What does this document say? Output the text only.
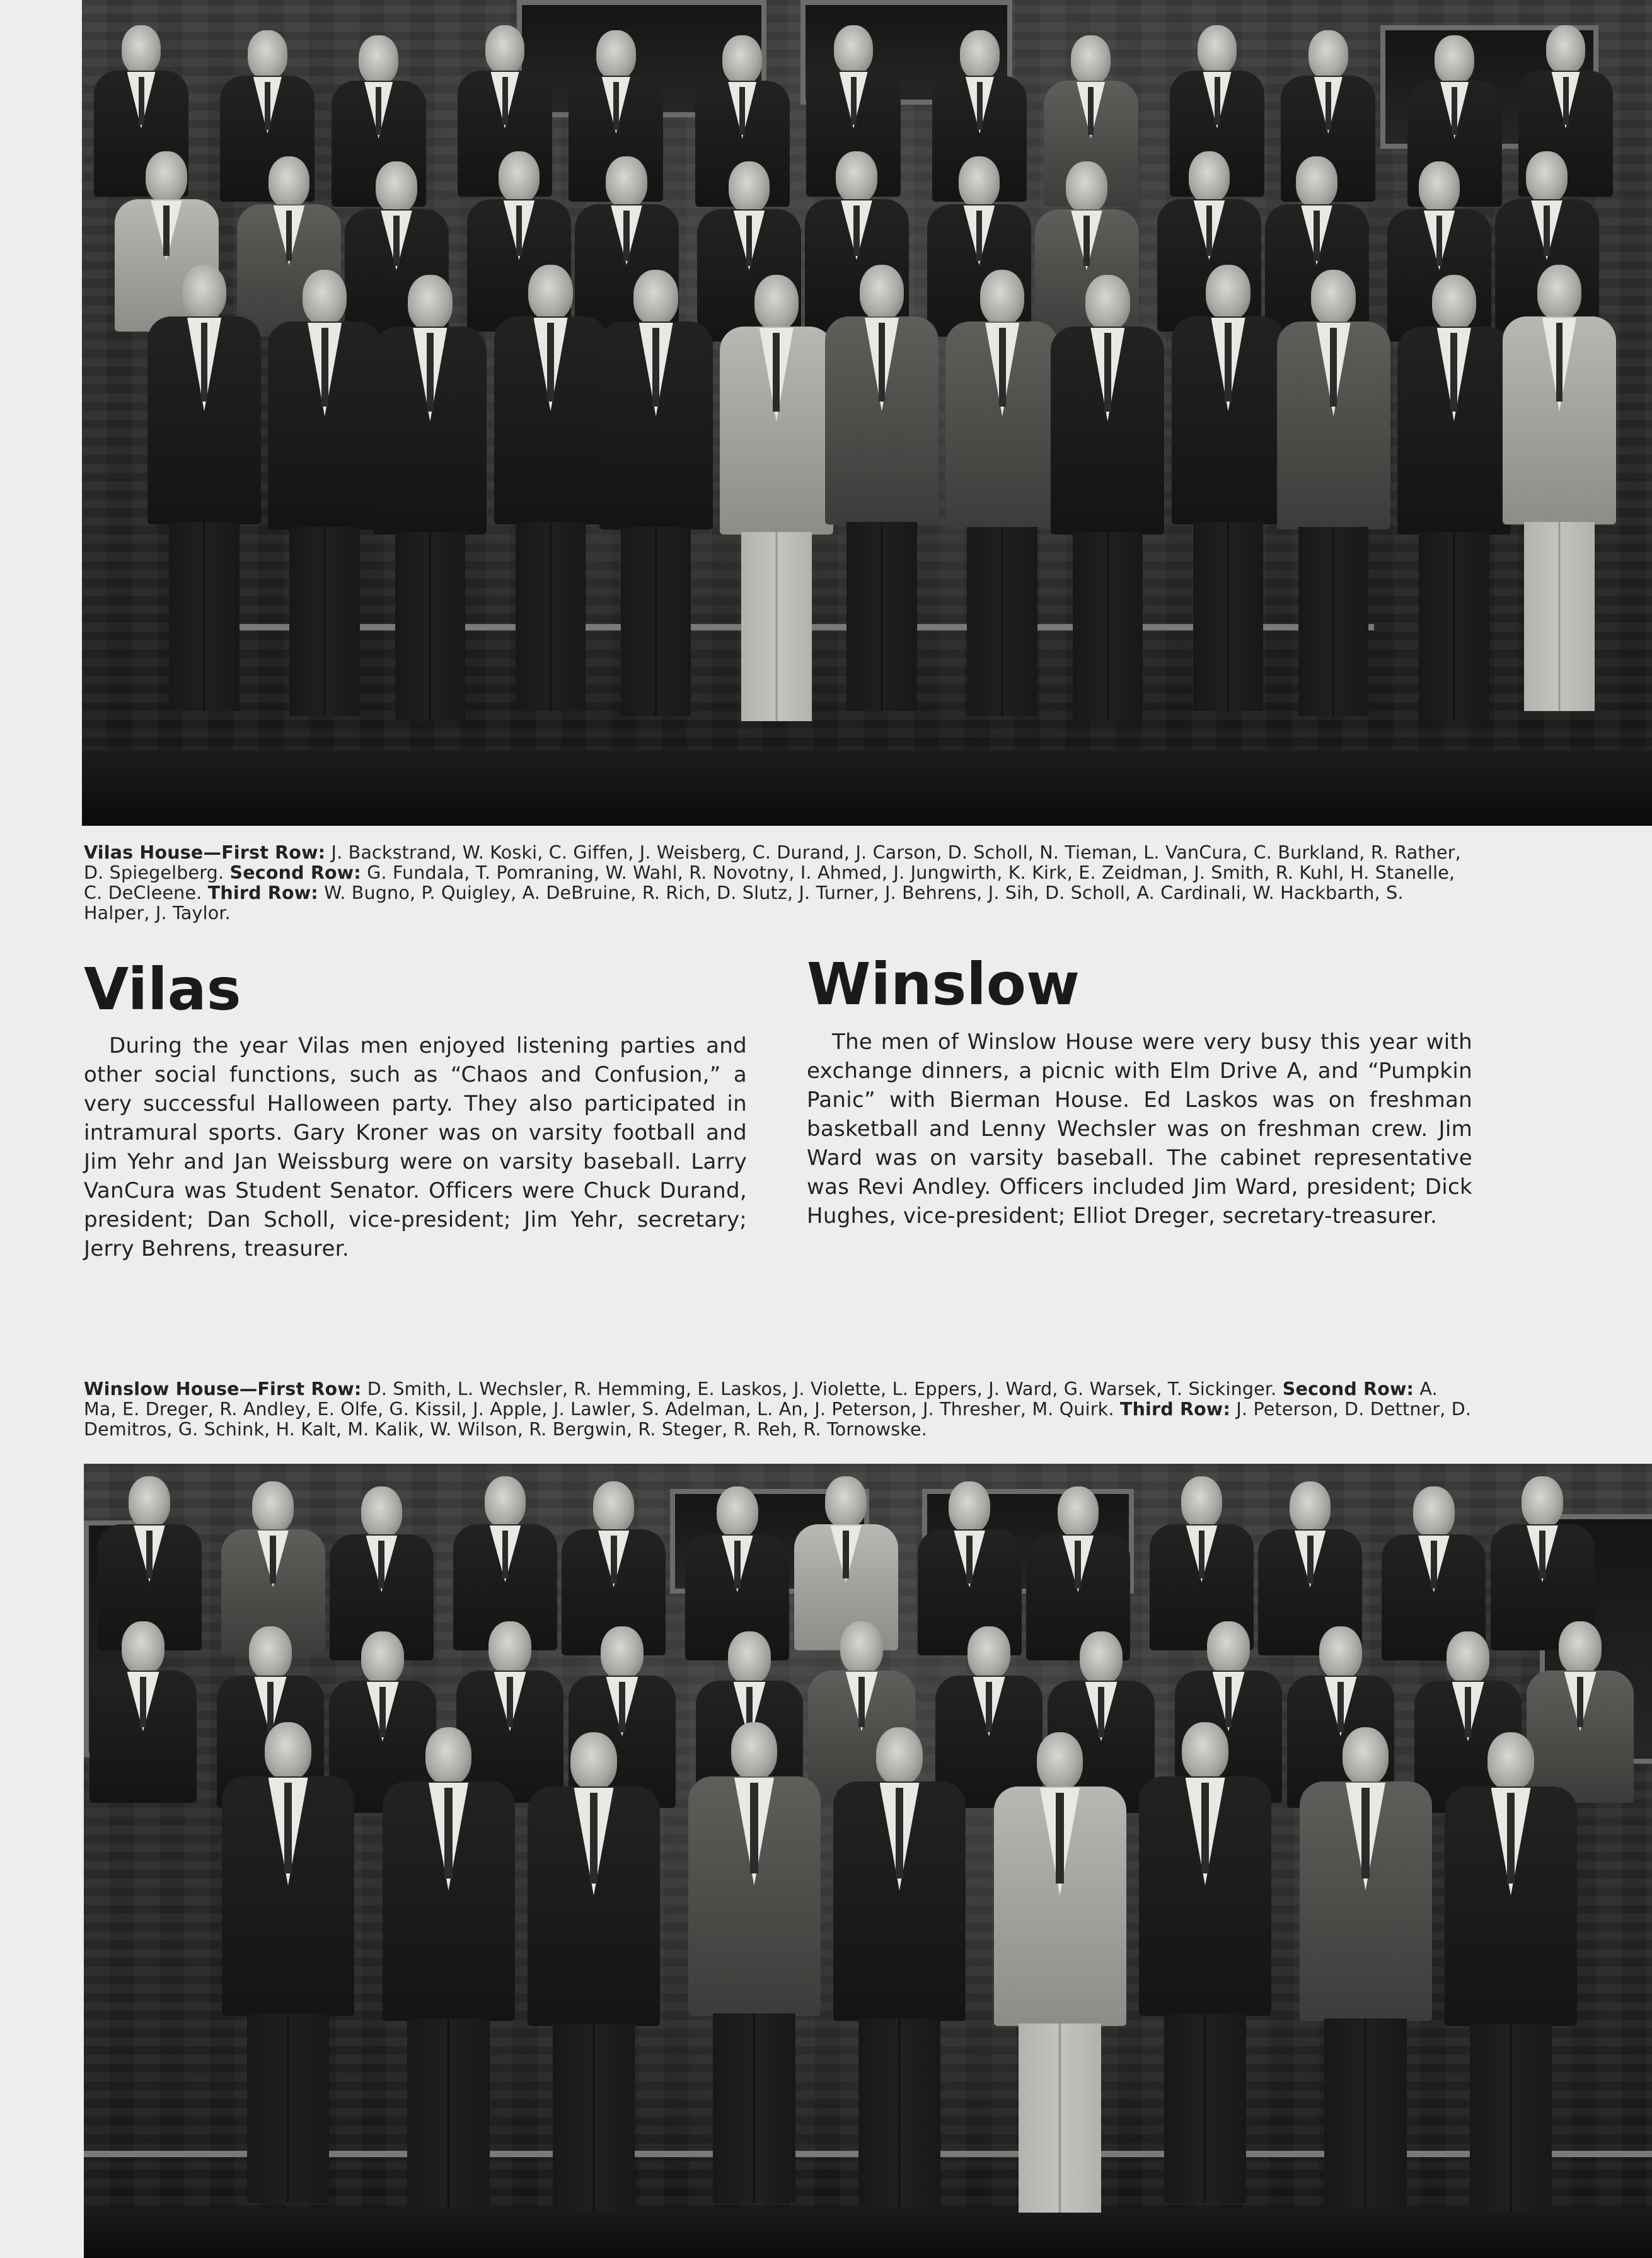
Vilas House—First Row: J. Backstrand, W. Koski, C. Giffen, J. Weisberg, C. Durand, J. Carson, D. Scholl, N. Tieman, L. VanCura, C. Burkland, R. Rather, D. Spiegelberg. Second Row: G. Fundala, T. Pomraning, W. Wahl, R. Novotny, I. Ahmed, J. Jungwirth, K. Kirk, E. Zeidman, J. Smith, R. Kuhl, H. Stanelle, C. DeCleene. Third Row: W. Bugno, P. Quigley, A. DeBruine, R. Rich, D. Slutz, J. Turner, J. Behrens, J. Sih, D. Scholl, A. Cardinali, W. Hackbarth, S. Halper, J. Taylor.
Vilas
During the year Vilas men enjoyed listening parties and other social functions, such as “Chaos and Confusion,” a very successful Halloween party. They also participated in intramural sports. Gary Kroner was on varsity football and Jim Yehr and Jan Weissburg were on varsity baseball. Larry VanCura was Student Senator. Officers were Chuck Durand, president; Dan Scholl, vice-president; Jim Yehr, secretary; Jerry Behrens, treasurer.
Winslow
The men of Winslow House were very busy this year with exchange dinners, a picnic with Elm Drive A, and “Pumpkin Panic” with Bierman House. Ed Laskos was on freshman basketball and Lenny Wechsler was on freshman crew. Jim Ward was on varsity baseball. The cabinet representative was Revi Andley. Officers included Jim Ward, president; Dick Hughes, vice-president; Elliot Dreger, secretary-treasurer.
Winslow House—First Row: D. Smith, L. Wechsler, R. Hemming, E. Laskos, J. Violette, L. Eppers, J. Ward, G. Warsek, T. Sickinger. Second Row: A. Ma, E. Dreger, R. Andley, E. Olfe, G. Kissil, J. Apple, J. Lawler, S. Adelman, L. An, J. Peterson, J. Thresher, M. Quirk. Third Row: J. Peterson, D. Dettner, D. Demitros, G. Schink, H. Kalt, M. Kalik, W. Wilson, R. Bergwin, R. Steger, R. Reh, R. Tornowske.
